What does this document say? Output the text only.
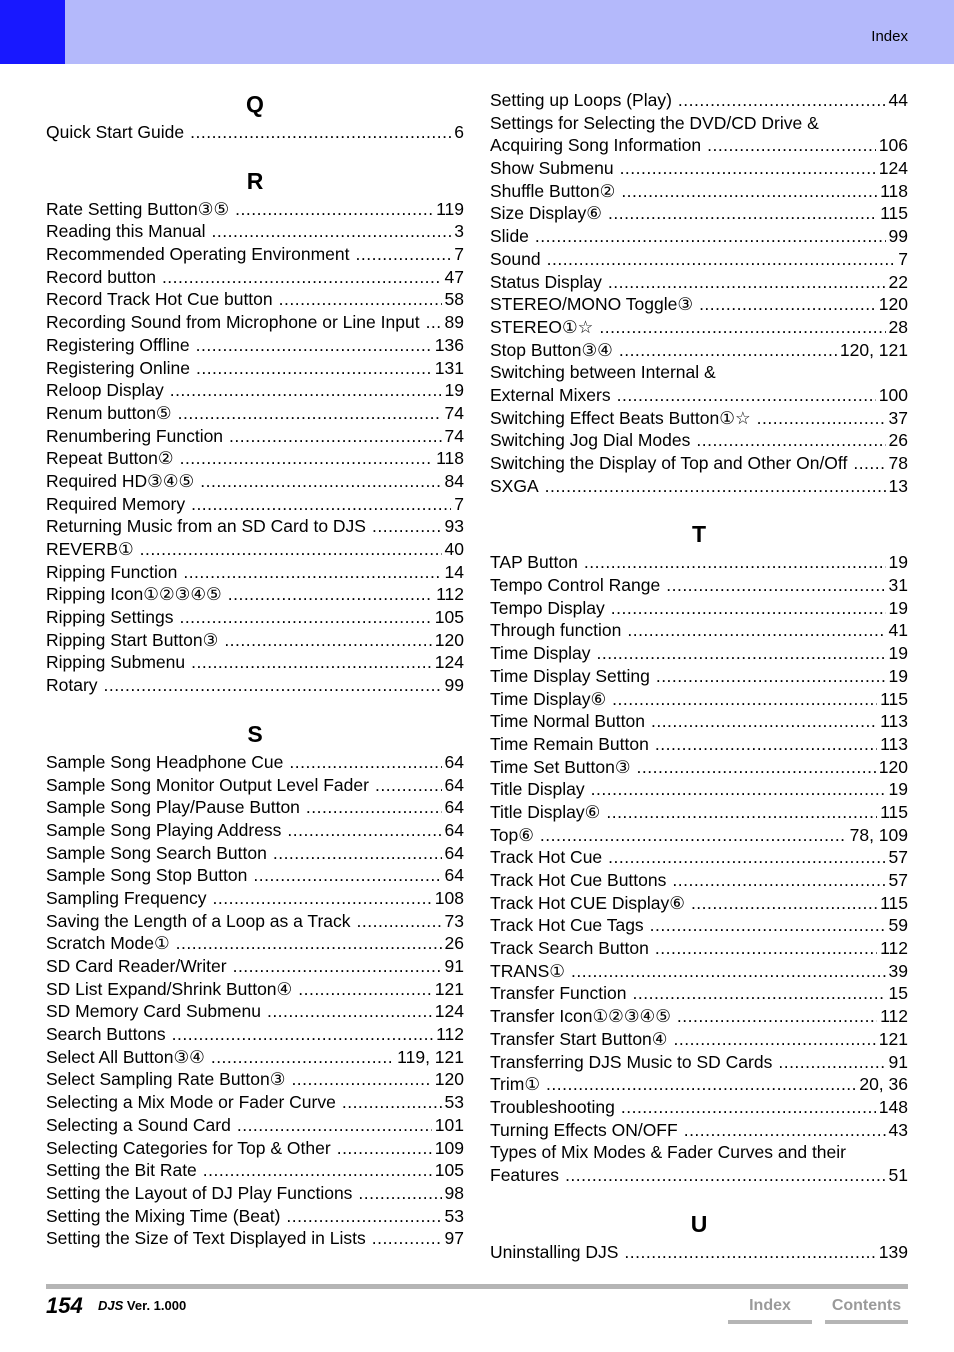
Index
Q
Quick Start Guide .....	6
R
Rate Setting Button③⑤ .....	119
Reading this Manual .....	3
Recommended Operating Environment .....	7
Record button .....	47
Record Track Hot Cue button .....	58
Recording Sound from Microphone or Line Input ..... 89
Registering Offline .....	136
Registering Online .....	131
Reloop Display .....	19
Renum button⑤ .....	74
Renumbering Function .....	74
Repeat Button② .....	118
Required HD③④⑤ .....	84
Required Memory .....	7
Returning Music from an SD Card to DJS .....	93
REVERB① .....	40
Ripping Function .....	14
Ripping Icon①②③④⑤ .....	112
Ripping Settings .....	105
Ripping Start Button③ .....	120
Ripping Submenu .....	124
Rotary .....	99
S
Sample Song Headphone Cue .....	64
Sample Song Monitor Output Level Fader .....	64
Sample Song Play/Pause Button .....	64
Sample Song Playing Address .....	64
Sample Song Search Button .....	64
Sample Song Stop Button .....	64
Sampling Frequency .....	108
Saving the Length of a Loop as a Track .....	73
Scratch Mode① .....	26
SD Card Reader/Writer .....	91
SD List Expand/Shrink Button④ .....	121
SD Memory Card Submenu .....	124
Search Buttons .....	112
Select All Button③④ .....	119, 121
Select Sampling Rate Button③ .....	120
Selecting a Mix Mode or Fader Curve .....	53
Selecting a Sound Card .....	101
Selecting Categories for Top & Other .....	109
Setting the Bit Rate .....	105
Setting the Layout of DJ Play Functions .....	98
Setting the Mixing Time (Beat) .....	53
Setting the Size of Text Displayed in Lists .....	97
Setting up Loops (Play) .....	44
Settings for Selecting the DVD/CD Drive &
Acquiring Song Information .....	106
Show Submenu .....	124
Shuffle Button② .....	118
Size Display⑥ .....	115
Slide .....	99
Sound .....	7
Status Display .....	22
STEREO/MONO Toggle③ .....	120
STEREO①☆ .....	28
Stop Button③④ .....	120, 121
Switching between Internal &
External Mixers .....	100
Switching Effect Beats Button①☆ .....	37
Switching Jog Dial Modes .....	26
Switching the Display of Top and Other On/Off ..... 78
SXGA .....	13
T
TAP Button .....	19
Tempo Control Range .....	31
Tempo Display .....	19
Through function .....	41
Time Display .....	19
Time Display Setting .....	19
Time Display⑥ .....	115
Time Normal Button .....	113
Time Remain Button .....	113
Time Set Button③ .....	120
Title Display .....	19
Title Display⑥ .....	115
Top⑥ .....	78, 109
Track Hot Cue .....	57
Track Hot Cue Buttons .....	57
Track Hot CUE Display⑥ .....	115
Track Hot Cue Tags .....	59
Track Search Button .....	112
TRANS① .....	39
Transfer Function .....	15
Transfer Icon①②③④⑤ .....	112
Transfer Start Button④ .....	121
Transferring DJS Music to SD Cards .....	91
Trim① .....	20, 36
Troubleshooting .....	148
Turning Effects ON/OFF .....	43
Types of Mix Modes & Fader Curves and their
Features .....	51
U
Uninstalling DJS .....	139
154 DJS Ver. 1.000	Index	Contents
